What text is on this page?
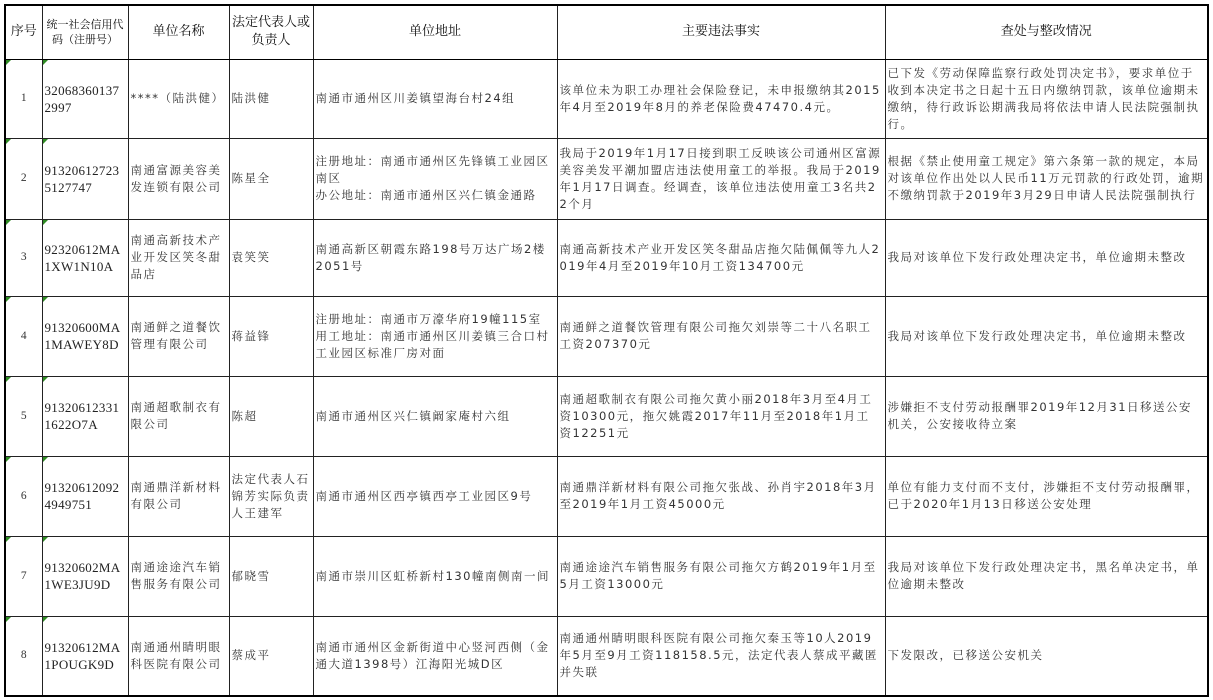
序号	统一社会信用代码（注册号）	单位名称	法定代表人或负责人	单位地址	主要违法事实	查处与整改情况

1	320683601372997	****（陆洪健）	陆洪健	南通市通州区川姜镇望海台村24组	该单位未为职工办理社会保险登记，未申报缴纳其2015年4月至2019年8月的养老保险费47470.4元。	已下发《劳动保障监察行政处罚决定书》，要求单位于收到本决定书之日起十五日内缴纳罚款，该单位逾期未缴纳，待行政诉讼期满我局将依法申请人民法院强制执行。

2	913206127235127747	南通富源美容美发连锁有限公司	陈星全	注册地址：南通市通州区先锋镇工业园区南区
办公地址：南通市通州区兴仁镇金通路	我局于2019年1月17日接到职工反映该公司通州区富源美容美发平潮加盟店违法使用童工的举报。我局于2019年1月17日调查。经调查，该单位违法使用童工3名共22个月	根据《禁止使用童工规定》第六条第一款的规定，本局对该单位作出处以人民币11万元罚款的行政处罚，逾期不缴纳罚款于2019年3月29日申请人民法院强制执行

3	92320612MA1XW1N10A	南通高新技术产业开发区笑冬甜品店	袁笑笑	南通高新区朝霞东路198号万达广场2楼2051号	南通高新技术产业开发区笑冬甜品店拖欠陆佩佩等九人2019年4月至2019年10月工资134700元	我局对该单位下发行政处理决定书，单位逾期未整改

4	91320600MA1MAWEY8D	南通鲜之道餐饮管理有限公司	蒋益锋	注册地址：南通市万濠华府19幢115室
用工地址：南通市通州区川姜镇三合口村工业园区标准厂房对面	南通鲜之道餐饮管理有限公司拖欠刘崇等二十八名职工工资207370元	我局对该单位下发行政处理决定书，单位逾期未整改

5	913206123311622O7A	南通超歌制衣有限公司	陈超	南通市通州区兴仁镇阚家庵村六组	南通超歌制衣有限公司拖欠黄小丽2018年3月至4月工资10300元，拖欠姚霞2017年11月至2018年1月工资12251元	涉嫌拒不支付劳动报酬罪2019年12月31日移送公安机关，公安接收待立案

6	913206120924949751	南通鼎洋新材料有限公司	法定代表人石锦芳实际负责人王建军	南通市通州区西亭镇西亭工业园区9号	南通鼎洋新材料有限公司拖欠张战、孙肖宇2018年3月至2019年1月工资45000元	单位有能力支付而不支付，涉嫌拒不支付劳动报酬罪，已于2020年1月13日移送公安处理

7	91320602MA1WE3JU9D	南通途途汽车销售服务有限公司	郁晓雪	南通市崇川区虹桥新村130幢南侧南一间	南通途途汽车销售服务有限公司拖欠方鹤2019年1月至5月工资13000元	我局对该单位下发行政处理决定书，黑名单决定书，单位逾期未整改

8	91320612MA1POUGK9D	南通通州睛明眼科医院有限公司	蔡成平	南通市通州区金新街道中心竖河西侧（金通大道1398号）江海阳光城D区	南通通州睛明眼科医院有限公司拖欠秦玉等10人2019年5月至9月工资118158.5元，法定代表人蔡成平藏匿并失联	下发限改，已移送公安机关
